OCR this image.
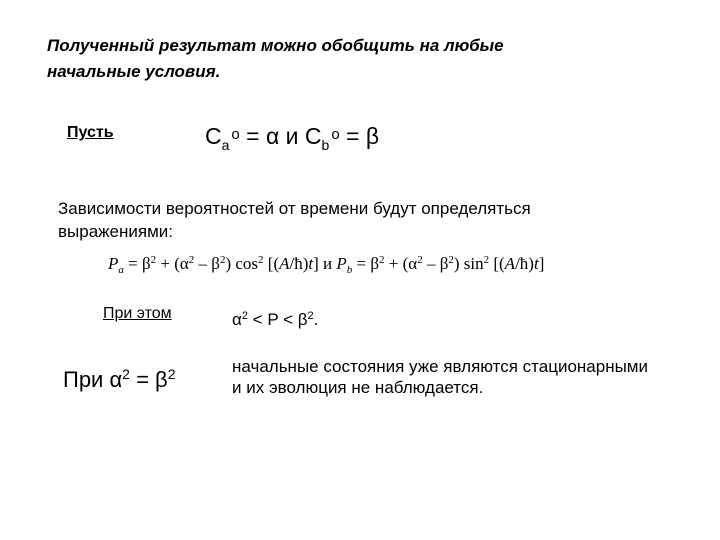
Полученный результат можно обобщить на любые
начальные условия.
Пусть	$C_a^o = \alpha$ и $C_b^o = \beta$
Зависимости вероятностей от времени будут определяться
выражениями:
$P_a = \beta^2 + (\alpha^2 - \beta^2)$ $\cos^2$ [(A/ħ)t] и $P_b = \beta^2 + (\alpha^2 - \beta^2)$ $\sin^2$ [(A/ħ)t]
При этом	$\alpha^2 < P < \beta^2$.
При $\alpha^2 = \beta^2$	начальные состояния уже являются стационарными
и их эволюция не наблюдается.
